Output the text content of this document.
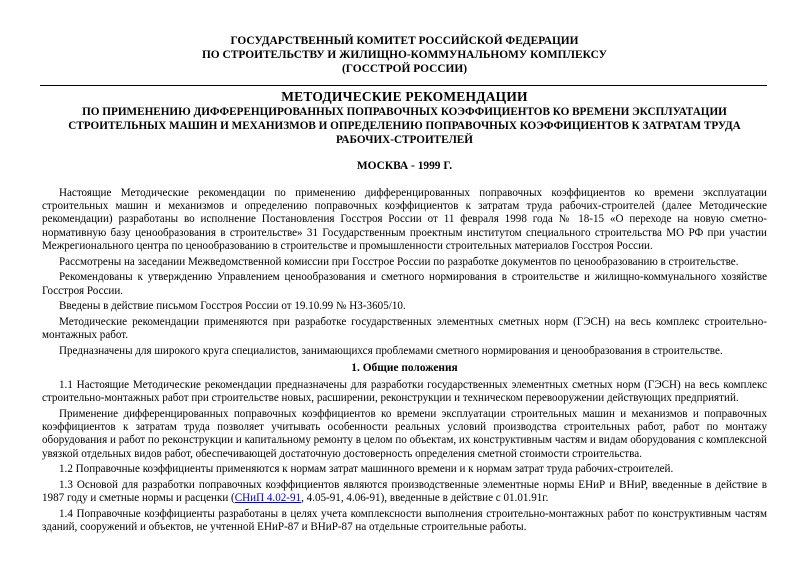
ГОСУДАРСТВЕННЫЙ КОМИТЕТ РОССИЙСКОЙ ФЕДЕРАЦИИ
ПО СТРОИТЕЛЬСТВУ И ЖИЛИЩНО-КОММУНАЛЬНОМУ КОМПЛЕКСУ
(ГОССТРОЙ РОССИИ)
МЕТОДИЧЕСКИЕ РЕКОМЕНДАЦИИ
ПО ПРИМЕНЕНИЮ ДИФФЕРЕНЦИРОВАННЫХ ПОПРАВОЧНЫХ КОЭФФИЦИЕНТОВ КО ВРЕМЕНИ ЭКСПЛУАТАЦИИ СТРОИТЕЛЬНЫХ МАШИН И МЕХАНИЗМОВ И ОПРЕДЕЛЕНИЮ ПОПРАВОЧНЫХ КОЭФФИЦИЕНТОВ К ЗАТРАТАМ ТРУДА РАБОЧИХ-СТРОИТЕЛЕЙ
МОСКВА - 1999 Г.

Настоящие Методические рекомендации по применению дифференцированных поправочных коэффициентов ко времени эксплуатации строительных машин и механизмов и определению поправочных коэффициентов к затратам труда рабочих-строителей (далее Методические рекомендации) разработаны во исполнение Постановления Госстроя России от 11 февраля 1998 года № 18-15 «О переходе на новую сметно-нормативную базу ценообразования в строительстве» 31 Государственным проектным институтом специального строительства МО РФ при участии Межрегионального центра по ценообразованию в строительстве и промышленности строительных материалов Госстроя России.

Рассмотрены на заседании Межведомственной комиссии при Госстрое России по разработке документов по ценообразованию в строительстве.

Рекомендованы к утверждению Управлением ценообразования и сметного нормирования в строительстве и жилищно-коммунального хозяйстве Госстроя России.

Введены в действие письмом Госстроя России от 19.10.99 № НЗ-3605/10.

Методические рекомендации применяются при разработке государственных элементных сметных норм (ГЭСН) на весь комплекс строительно-монтажных работ.

Предназначены для широкого круга специалистов, занимающихся проблемами сметного нормирования и ценообразования в строительстве.

1. Общие положения

1.1 Настоящие Методические рекомендации предназначены для разработки государственных элементных сметных норм (ГЭСН) на весь комплекс строительно-монтажных работ при строительстве новых, расширении, реконструкции и техническом перевооружении действующих предприятий.

Применение дифференцированных поправочных коэффициентов ко времени эксплуатации строительных машин и механизмов и поправочных коэффициентов к затратам труда позволяет учитывать особенности реальных условий производства строительных работ, работ по монтажу оборудования и работ по реконструкции и капитальному ремонту в целом по объектам, их конструктивным частям и видам оборудования с комплексной увязкой отдельных видов работ, обеспечивающей достаточную достоверность определения сметной стоимости строительства.

1.2 Поправочные коэффициенты применяются к нормам затрат машинного времени и к нормам затрат труда рабочих-строителей.

1.3 Основой для разработки поправочных коэффициентов являются производственные элементные нормы ЕНиР и ВНиР, введенные в действие в 1987 году и сметные нормы и расценки (СНиП 4.02-91, 4.05-91, 4.06-91), введенные в действие с 01.01.91г.

1.4 Поправочные коэффициенты разработаны в целях учета комплексности выполнения строительно-монтажных работ по конструктивным частям зданий, сооружений и объектов, не учтенной ЕНиР-87 и ВНиР-87 на отдельные строительные работы.
